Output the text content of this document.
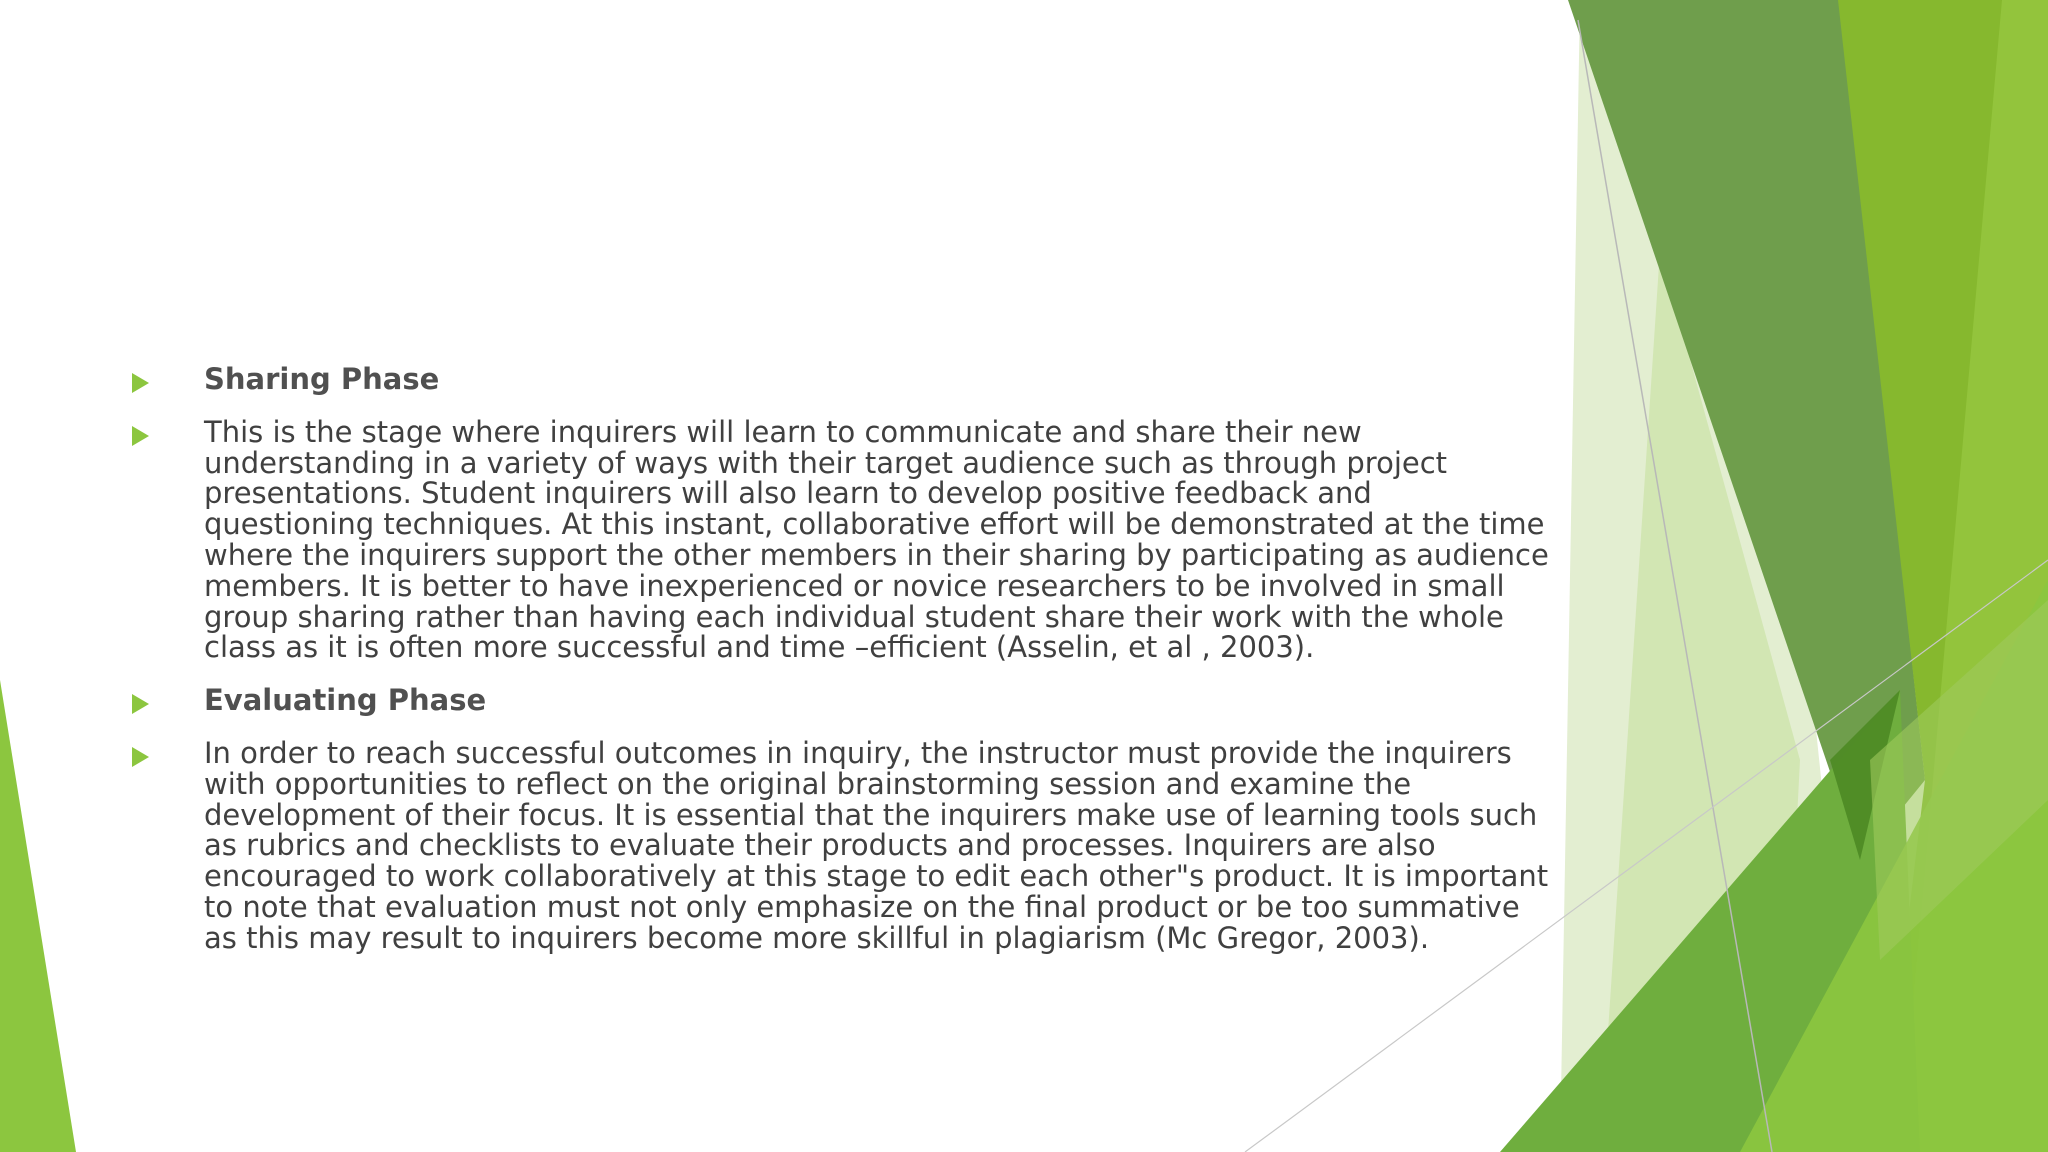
Sharing Phase
This is the stage where inquirers will learn to communicate and share their new understanding in a variety of ways with their target audience such as through project presentations. Student inquirers will also learn to develop positive feedback and questioning techniques. At this instant, collaborative effort will be demonstrated at the time where the inquirers support the other members in their sharing by participating as audience members. It is better to have inexperienced or novice researchers to be involved in small group sharing rather than having each individual student share their work with the whole class as it is often more successful and time –efficient (Asselin, et al , 2003).
Evaluating Phase
In order to reach successful outcomes in inquiry, the instructor must provide the inquirers with opportunities to reflect on the original brainstorming session and examine the development of their focus. It is essential that the inquirers make use of learning tools such as rubrics and checklists to evaluate their products and processes. Inquirers are also encouraged to work collaboratively at this stage to edit each other"s product. It is important to note that evaluation must not only emphasize on the final product or be too summative as this may result to inquirers become more skillful in plagiarism (Mc Gregor, 2003).
